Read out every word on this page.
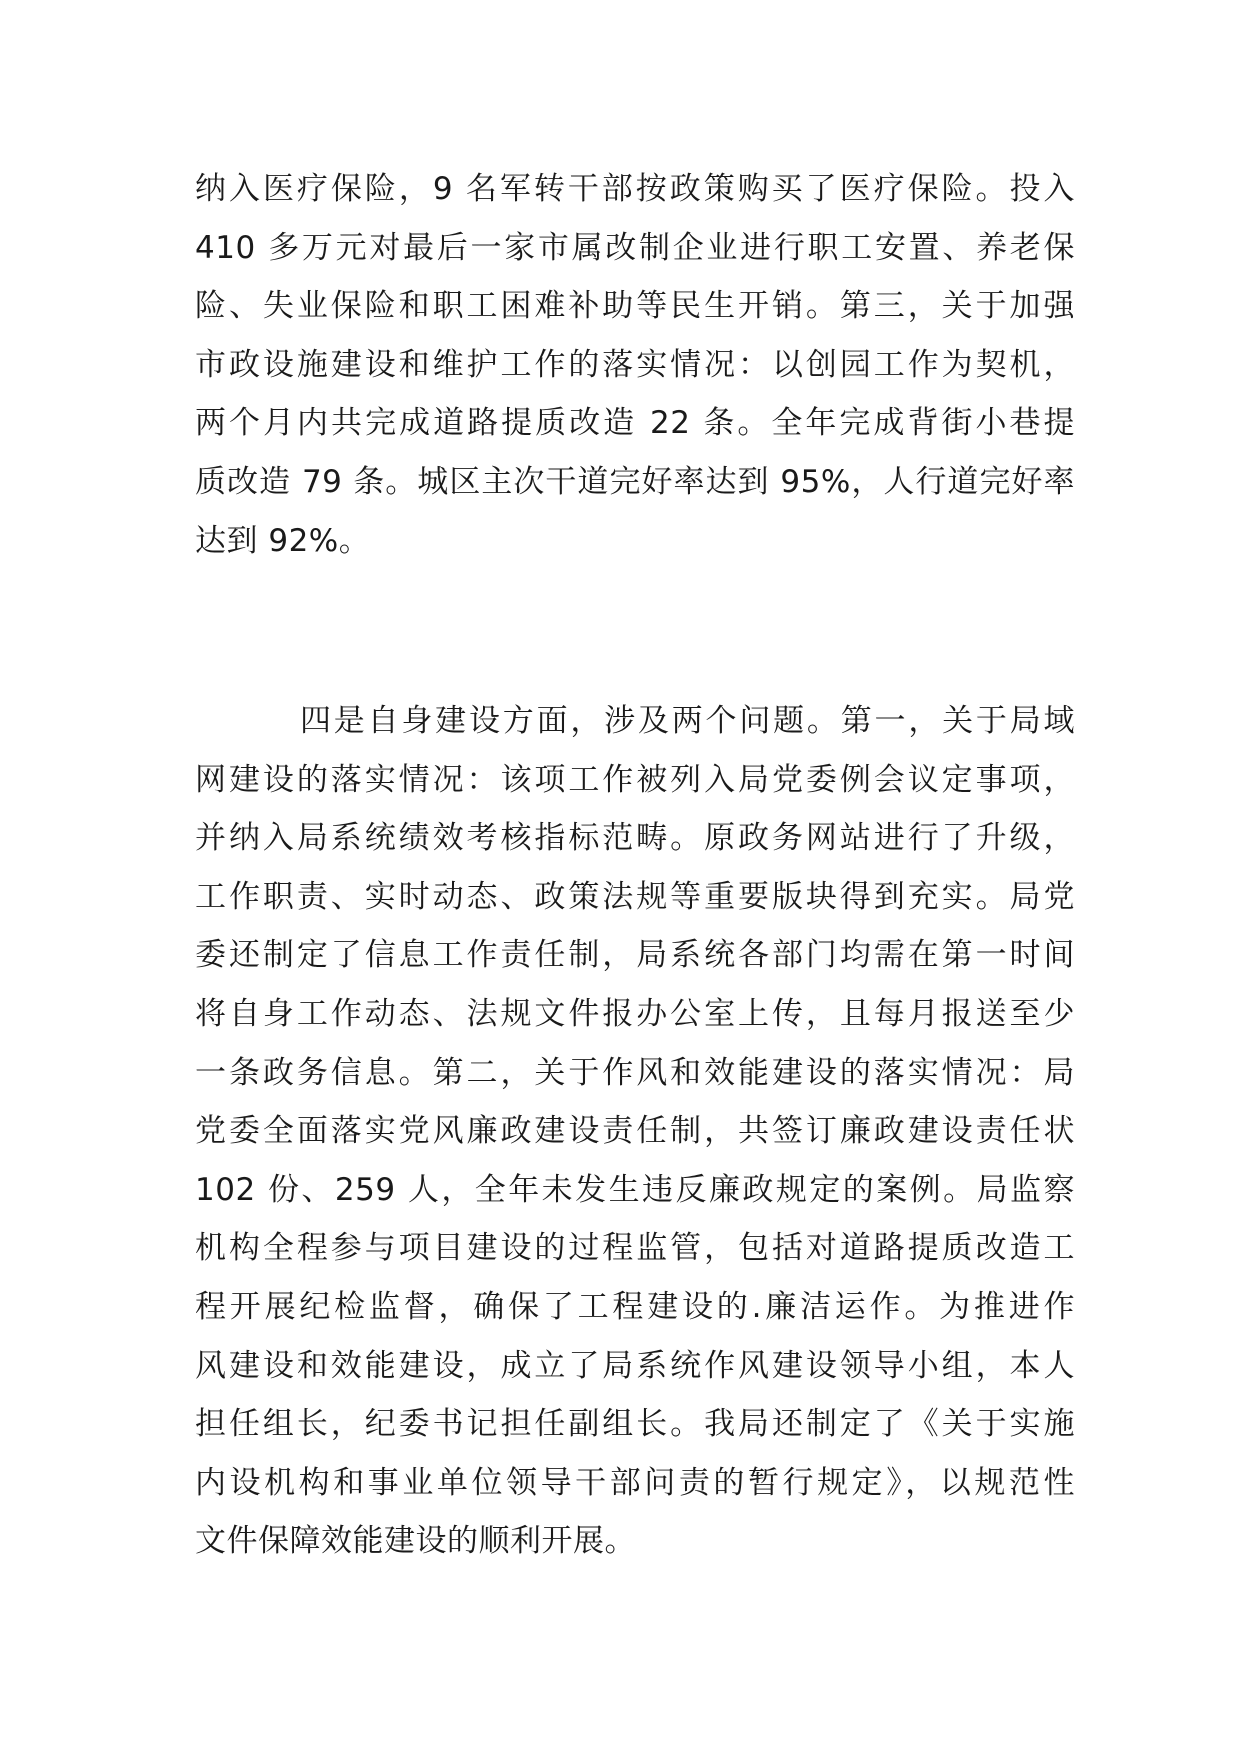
纳入医疗保险，9 名军转干部按政策购买了医疗保险。投入
410 多万元对最后一家市属改制企业进行职工安置、养老保
险、失业保险和职工困难补助等民生开销。第三，关于加强
市政设施建设和维护工作的落实情况：以创园工作为契机，
两个月内共完成道路提质改造 22 条。全年完成背街小巷提
质改造 79 条。城区主次干道完好率达到 95%，人行道完好率
达到 92%。
四是自身建设方面，涉及两个问题。第一，关于局域
网建设的落实情况：该项工作被列入局党委例会议定事项，
并纳入局系统绩效考核指标范畴。原政务网站进行了升级，
工作职责、实时动态、政策法规等重要版块得到充实。局党
委还制定了信息工作责任制，局系统各部门均需在第一时间
将自身工作动态、法规文件报办公室上传，且每月报送至少
一条政务信息。第二，关于作风和效能建设的落实情况：局
党委全面落实党风廉政建设责任制，共签订廉政建设责任状
102 份、259 人，全年未发生违反廉政规定的案例。局监察
机构全程参与项目建设的过程监管，包括对道路提质改造工
程开展纪检监督，确保了工程建设的.廉洁运作。为推进作
风建设和效能建设，成立了局系统作风建设领导小组，本人
担任组长，纪委书记担任副组长。我局还制定了《关于实施
内设机构和事业单位领导干部问责的暂行规定》，以规范性
文件保障效能建设的顺利开展。
